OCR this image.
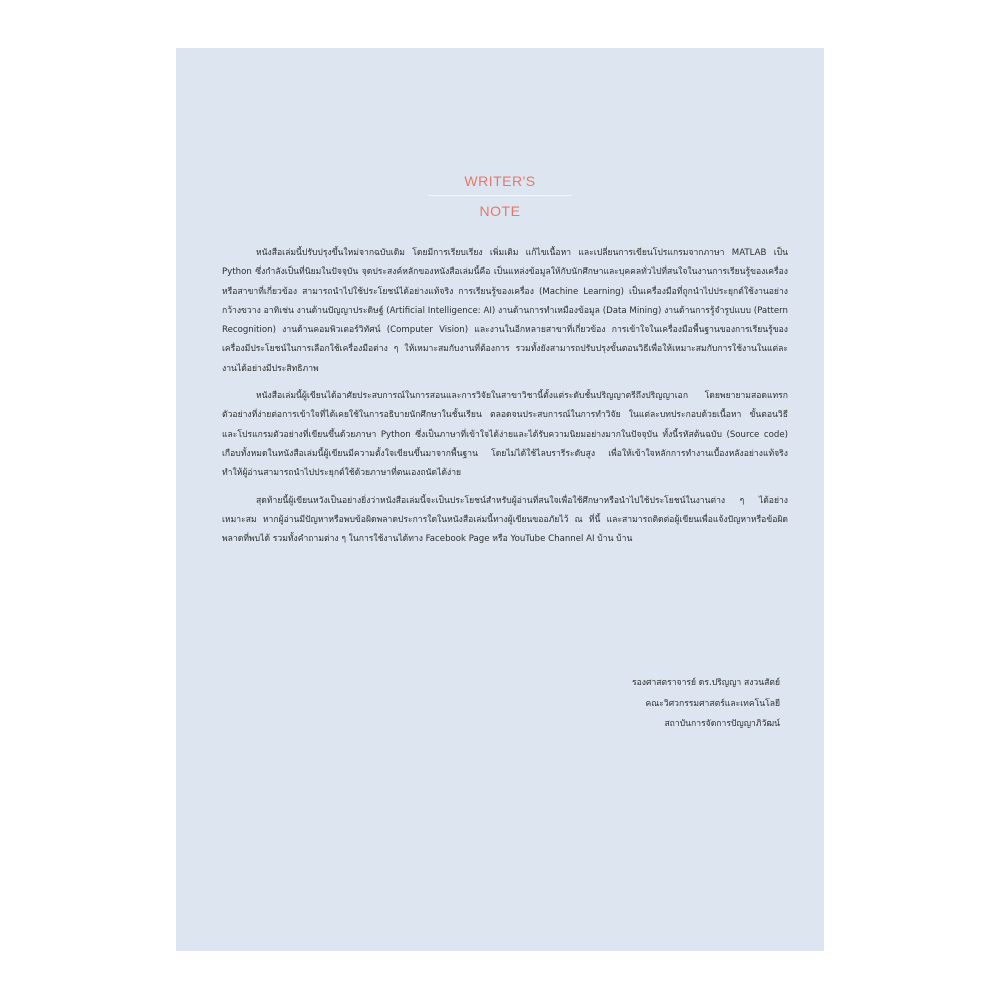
WRITER'S
NOTE

หนังสือเล่มนี้ปรับปรุงขึ้นใหม่จากฉบับเดิม โดยมีการเรียบเรียง เพิ่มเติม แก้ไขเนื้อหา และเปลี่ยนการเขียนโปรแกรมจากภาษา MATLAB เป็น Python ซึ่งกำลังเป็นที่นิยมในปัจจุบัน จุดประสงค์หลักของหนังสือเล่มนี้คือ เป็นแหล่งข้อมูลให้กับนักศึกษาและบุคคลทั่วไปที่สนใจในงานการเรียนรู้ของเครื่องหรือสาขาที่เกี่ยวข้อง สามารถนำไปใช้ประโยชน์ได้อย่างแท้จริง การเรียนรู้ของเครื่อง (Machine Learning) เป็นเครื่องมือที่ถูกนำไปประยุกต์ใช้งานอย่างกว้างขวาง อาทิเช่น งานด้านปัญญาประดิษฐ์ (Artificial Intelligence: AI) งานด้านการทำเหมืองข้อมูล (Data Mining) งานด้านการรู้จำรูปแบบ (Pattern Recognition) งานด้านคอมพิวเตอร์วิทัศน์ (Computer Vision) และงานในอีกหลายสาขาที่เกี่ยวข้อง การเข้าใจในเครื่องมือพื้นฐานของการเรียนรู้ของเครื่องมีประโยชน์ในการเลือกใช้เครื่องมือต่าง ๆ ให้เหมาะสมกับงานที่ต้องการ รวมทั้งยังสามารถปรับปรุงขั้นตอนวิธีเพื่อให้เหมาะสมกับการใช้งานในแต่ละงานได้อย่างมีประสิทธิภาพ

หนังสือเล่มนี้ผู้เขียนได้อาศัยประสบการณ์ในการสอนและการวิจัยในสาขาวิชานี้ตั้งแต่ระดับชั้นปริญญาตรีถึงปริญญาเอก โดยพยายามสอดแทรกตัวอย่างที่ง่ายต่อการเข้าใจที่ได้เคยใช้ในการอธิบายนักศึกษาในชั้นเรียน ตลอดจนประสบการณ์ในการทำวิจัย ในแต่ละบทประกอบด้วยเนื้อหา ขั้นตอนวิธี และโปรแกรมตัวอย่างที่เขียนขึ้นด้วยภาษา Python ซึ่งเป็นภาษาที่เข้าใจได้ง่ายและได้รับความนิยมอย่างมากในปัจจุบัน ทั้งนี้รหัสต้นฉบับ (Source code) เกือบทั้งหมดในหนังสือเล่มนี้ผู้เขียนมีความตั้งใจเขียนขึ้นมาจากพื้นฐาน โดยไม่ได้ใช้ไลบรารีระดับสูง เพื่อให้เข้าใจหลักการทำงานเบื้องหลังอย่างแท้จริง ทำให้ผู้อ่านสามารถนำไปประยุกต์ใช้ด้วยภาษาที่ตนเองถนัดได้ง่าย

สุดท้ายนี้ผู้เขียนหวังเป็นอย่างยิ่งว่าหนังสือเล่มนี้จะเป็นประโยชน์สำหรับผู้อ่านที่สนใจเพื่อใช้ศึกษาหรือนำไปใช้ประโยชน์ในงานต่าง ๆ ได้อย่างเหมาะสม หากผู้อ่านมีปัญหาหรือพบข้อผิดพลาดประการใดในหนังสือเล่มนี้ทางผู้เขียนขออภัยไว้ ณ ที่นี้ และสามารถติดต่อผู้เขียนเพื่อแจ้งปัญหาหรือข้อผิดพลาดที่พบได้ รวมทั้งคำถามต่าง ๆ ในการใช้งานได้ทาง Facebook Page หรือ YouTube Channel AI บ้าน บ้าน

รองศาสตราจารย์ ดร.ปริญญา สงวนสัตย์
คณะวิศวกรรมศาสตร์และเทคโนโลยี
สถาบันการจัดการปัญญาภิวัฒน์
